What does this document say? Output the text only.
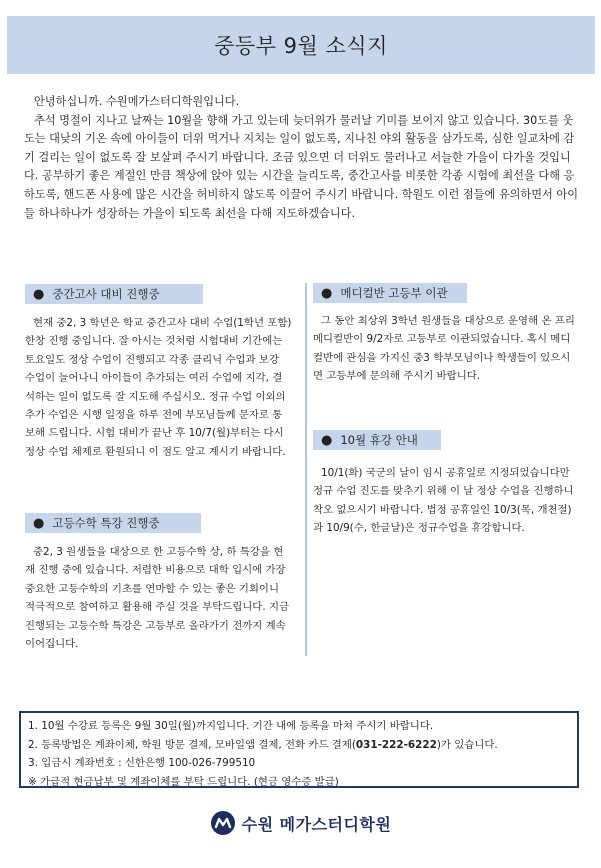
중등부 9월 소식지

안녕하십니까. 수원메가스터디학원입니다.

추석 명절이 지나고 날짜는 10월을 향해 가고 있는데 늦더위가 물러날 기미를 보이지 않고 있습니다. 30도를 웃도는 대낮의 기온 속에 아이들이 더위 먹거나 지치는 일이 없도록, 지나친 야외 활동을 삼가도록, 심한 일교차에 감기 걸리는 일이 없도록 잘 보살펴 주시기 바랍니다. 조금 있으면 더 더위도 물러나고 서늘한 가을이 다가올 것입니다. 공부하기 좋은 계절인 만큼 책상에 앉아 있는 시간을 늘리도록, 중간고사를 비롯한 각종 시험에 최선을 다해 응하도록, 핸드폰 사용에 많은 시간을 허비하지 않도록 이끌어 주시기 바랍니다. 학원도 이런 점들에 유의하면서 아이들 하나하나가 성장하는 가을이 되도록 최선을 다해 지도하겠습니다.

● 중간고사 대비 진행중

현재 중2, 3 학년은 학교 중간고사 대비 수업(1학년 포함) 한창 진행 중입니다. 잘 아시는 것처럼 시험대비 기간에는 토요일도 정상 수업이 진행되고 각종 클리닉 수업과 보강 수업이 늘어나니 아이들이 추가되는 여러 수업에 지각, 결석하는 일이 없도록 잘 지도해 주십시오. 정규 수업 이외의 추가 수업은 시행 일정을 하루 전에 부모님들께 문자로 통보해 드립니다. 시험 대비가 끝난 후 10/7(월)부터는 다시 정상 수업 체제로 환원되니 이 점도 알고 계시기 바랍니다.

● 고등수학 특강 진행중

중2, 3 원생들을 대상으로 한 고등수학 상, 하 특강을 현재 진행 중에 있습니다. 저렴한 비용으로 대학 입시에 가장 중요한 고등수학의 기초를 연마할 수 있는 좋은 기회이니 적극적으로 참여하고 활용해 주실 것을 부탁드립니다. 지금 진행되는 고등수학 특강은 고등부로 올라가기 전까지 계속 이어집니다.

● 메디컬반 고등부 이관

그 동안 최상위 3학년 원생들을 대상으로 운영해 온 프리메디컬반이 9/2자로 고등부로 이관되었습니다. 혹시 메디컬반에 관심을 가지신 중3 학부모님이나 학생들이 있으시면 고등부에 문의해 주시기 바랍니다.

● 10월 휴강 안내

10/1(화) 국군의 날이 임시 공휴일로 지정되었습니다만 정규 수업 진도를 맞추기 위해 이 날 정상 수업을 진행하니 착오 없으시기 바랍니다. 법정 공휴일인 10/3(목, 개천절)과 10/9(수, 한글날)은 정규수업을 휴강합니다.

1. 10월 수강료 등록은 9월 30일(월)까지입니다. 기간 내에 등록을 마쳐 주시기 바랍니다.
2. 등록방법은 계좌이체, 학원 방문 결제, 모바일앱 결제, 전화 카드 결제(031-222-6222)가 있습니다.
3. 입금시 계좌번호 : 신한은행 100-026-799510
※ 가급적 현금납부 및 계좌이체를 부탁 드립니다. (현금 영수증 발급)
수원 메가스터디학원
